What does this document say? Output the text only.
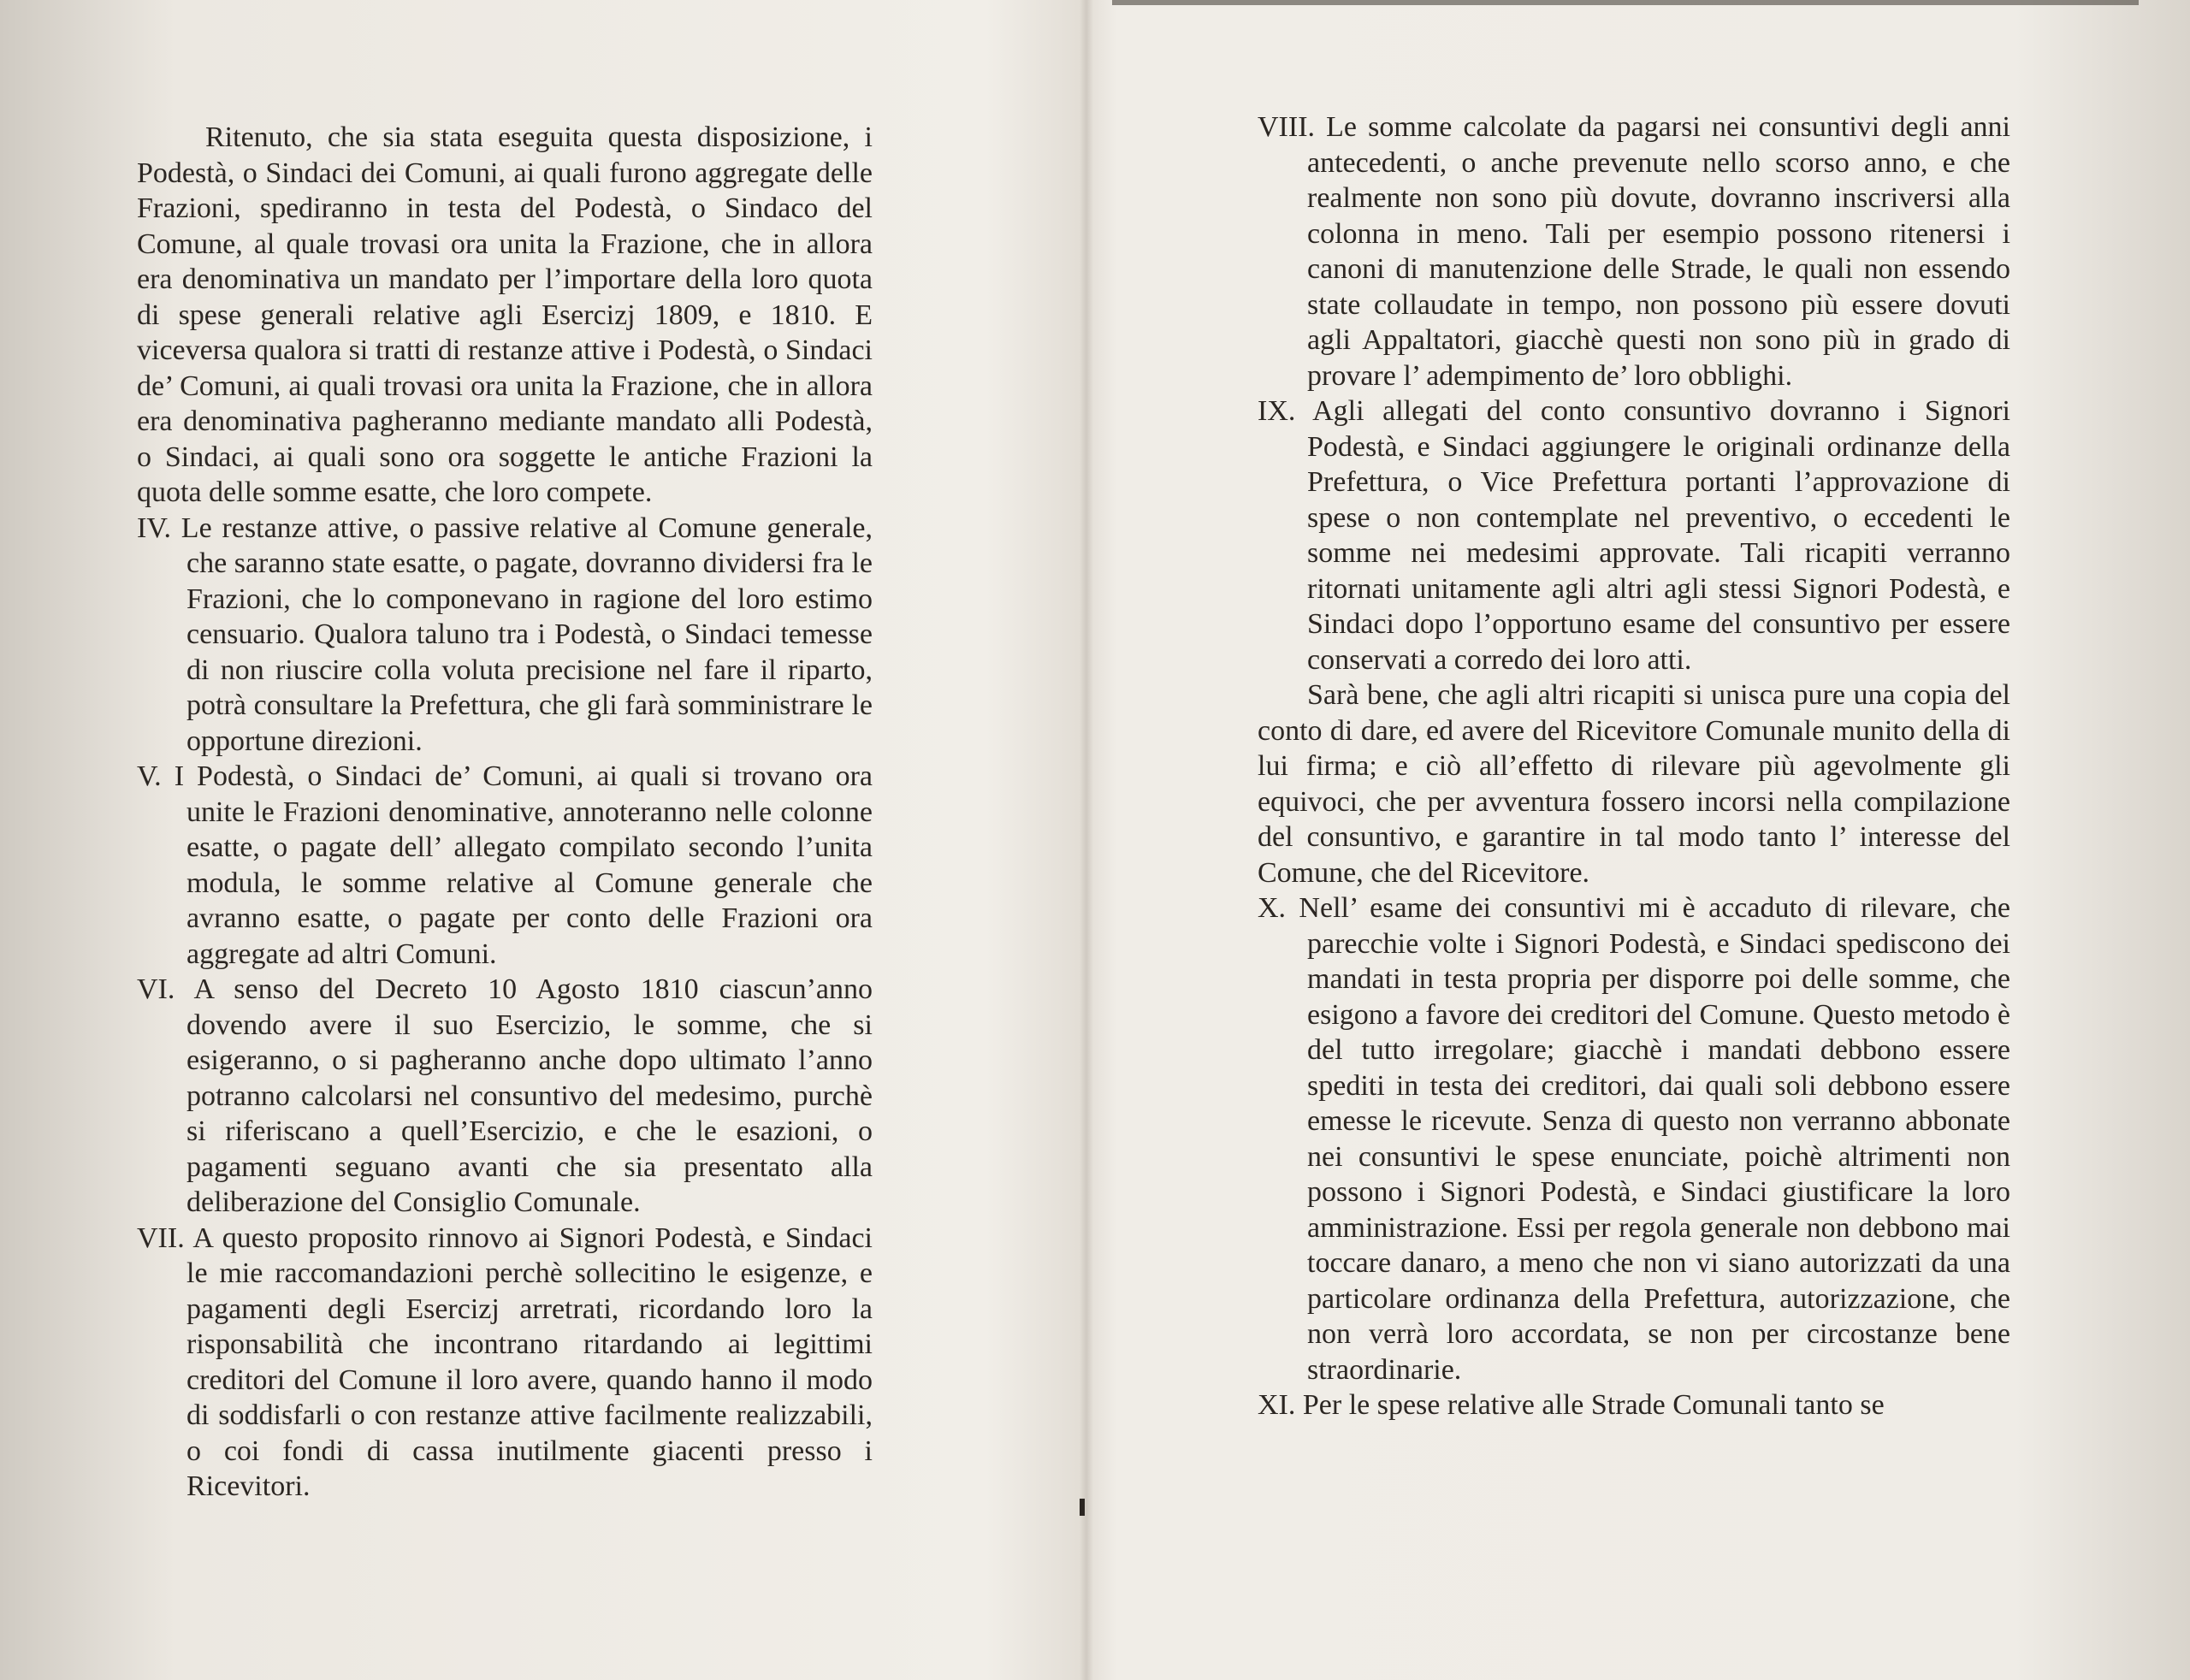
Ritenuto, che sia stata eseguita questa disposizione, i Podestà, o Sindaci dei Comuni, ai quali furono aggregate delle Frazioni, spediranno in testa del Podestà, o Sindaco del Comune, al quale trovasi ora unita la Frazione, che in allora era denominativa un mandato per l’importare della loro quota di spese generali relative agli Esercizj 1809, e 1810. E viceversa qualora si tratti di restanze attive i Podestà, o Sindaci de’ Comuni, ai quali trovasi ora unita la Frazione, che in allora era denominativa pagheranno mediante mandato alli Podestà, o Sindaci, ai quali sono ora soggette le antiche Frazioni la quota delle somme esatte, che loro compete.

IV. Le restanze attive, o passive relative al Comune generale, che saranno state esatte, o pagate, dovranno dividersi fra le Frazioni, che lo componevano in ragione del loro estimo censuario. Qualora taluno tra i Podestà, o Sindaci temesse di non riuscire colla voluta precisione nel fare il riparto, potrà consultare la Prefettura, che gli farà somministrare le opportune direzioni.

V. I Podestà, o Sindaci de’ Comuni, ai quali si trovano ora unite le Frazioni denominative, annoteranno nelle colonne esatte, o pagate dell’ allegato compilato secondo l’unita modula, le somme relative al Comune generale che avranno esatte, o pagate per conto delle Frazioni ora aggregate ad altri Comuni.

VI. A senso del Decreto 10 Agosto 1810 ciascun’anno dovendo avere il suo Esercizio, le somme, che si esigeranno, o si pagheranno anche dopo ultimato l’anno potranno calcolarsi nel consuntivo del medesimo, purchè si riferiscano a quell’Esercizio, e che le esazioni, o pagamenti seguano avanti che sia presentato alla deliberazione del Consiglio Comunale.

VII. A questo proposito rinnovo ai Signori Podestà, e Sindaci le mie raccomandazioni perchè sollecitino le esigenze, e pagamenti degli Esercizj arretrati, ricordando loro la risponsabilità che incontrano ritardando ai legittimi creditori del Comune il loro avere, quando hanno il modo di soddisfarli o con restanze attive facilmente realizzabili, o coi fondi di cassa inutilmente giacenti presso i Ricevitori.

VIII. Le somme calcolate da pagarsi nei consuntivi degli anni antecedenti, o anche prevenute nello scorso anno, e che realmente non sono più dovute, dovranno inscriversi alla colonna in meno. Tali per esempio possono ritenersi i canoni di manutenzione delle Strade, le quali non essendo state collaudate in tempo, non possono più essere dovuti agli Appaltatori, giacchè questi non sono più in grado di provare l’ adempimento de’ loro obblighi.

IX. Agli allegati del conto consuntivo dovranno i Signori Podestà, e Sindaci aggiungere le originali ordinanze della Prefettura, o Vice Prefettura portanti l’approvazione di spese o non contemplate nel preventivo, o eccedenti le somme nei medesimi approvate. Tali ricapiti verranno ritornati unitamente agli altri agli stessi Signori Podestà, e Sindaci dopo l’opportuno esame del consuntivo per essere conservati a corredo dei loro atti.

Sarà bene, che agli altri ricapiti si unisca pure una copia del conto di dare, ed avere del Ricevitore Comunale munito della di lui firma; e ciò all’effetto di rilevare più agevolmente gli equivoci, che per avventura fossero incorsi nella compilazione del consuntivo, e garantire in tal modo tanto l’ interesse del Comune, che del Ricevitore.

X. Nell’ esame dei consuntivi mi è accaduto di rilevare, che parecchie volte i Signori Podestà, e Sindaci spediscono dei mandati in testa propria per disporre poi delle somme, che esigono a favore dei creditori del Comune. Questo metodo è del tutto irregolare; giacchè i mandati debbono essere spediti in testa dei creditori, dai quali soli debbono essere emesse le ricevute. Senza di questo non verranno abbonate nei consuntivi le spese enunciate, poichè altrimenti non possono i Signori Podestà, e Sindaci giustificare la loro amministrazione. Essi per regola generale non debbono mai toccare danaro, a meno che non vi siano autorizzati da una particolare ordinanza della Prefettura, autorizzazione, che non verrà loro accordata, se non per circostanze bene straordinarie.

XI. Per le spese relative alle Strade Comunali tanto se
